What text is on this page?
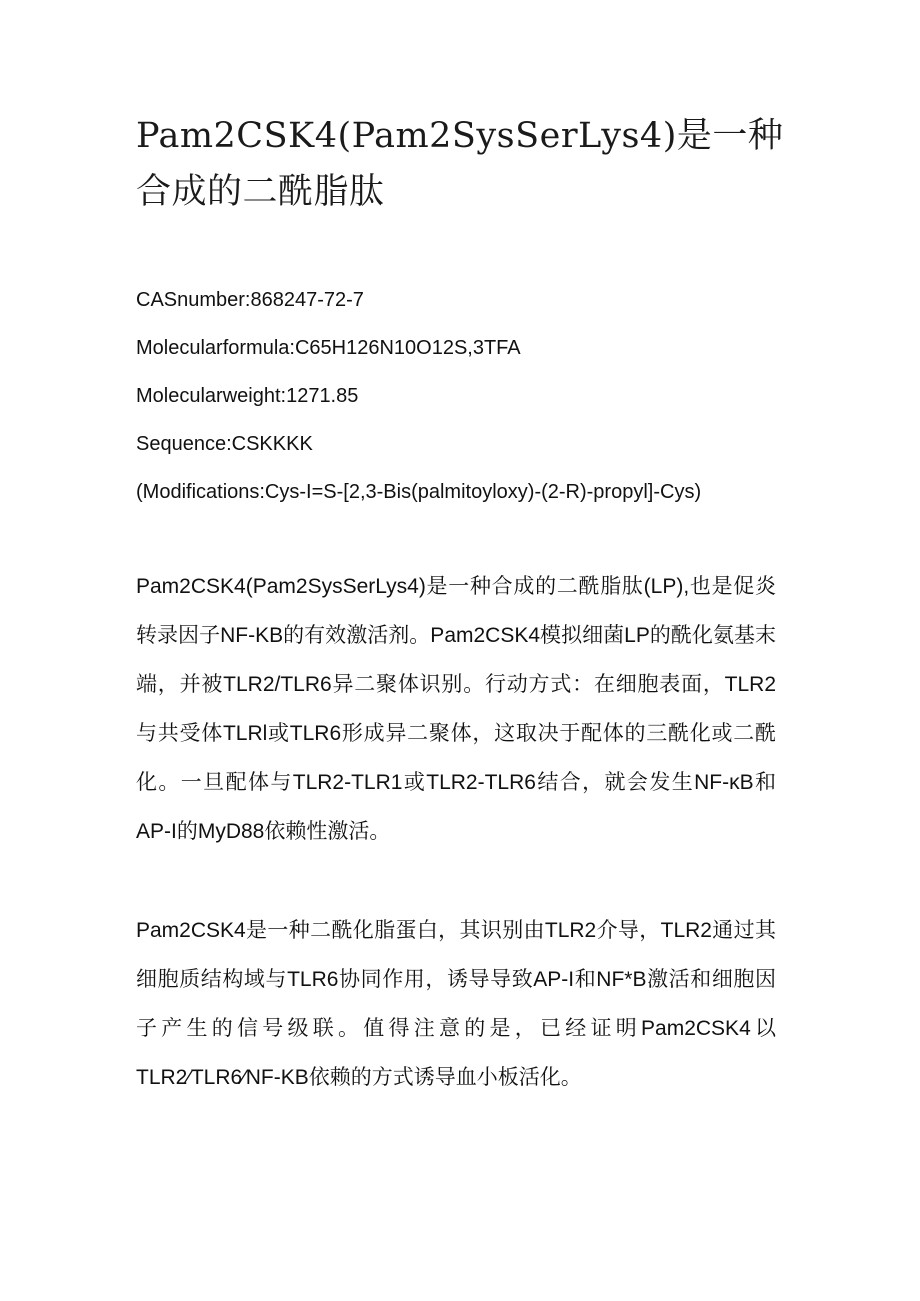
Pam2CSK4(Pam2SysSerLys4)是一种合成的二酰脂肽
CASnumber:868247-72-7
Molecularformula:C65H126N10O12S,3TFA
Molecularweight:1271.85
Sequence:CSKKKK
(Modifications:Cys-I=S-[2,3-Bis(palmitoyloxy)-(2-R)-propyl]-Cys)

Pam2CSK4(Pam2SysSerLys4)是一种合成的二酰脂肽(LP),也是促炎转录因子NF-KB的有效激活剂。Pam2CSK4模拟细菌LP的酰化氨基末端，并被TLR2/TLR6异二聚体识别。行动方式：在细胞表面，TLR2与共受体TLRl或TLR6形成异二聚体，这取决于配体的三酰化或二酰化。一旦配体与TLR2-TLR1或TLR2-TLR6结合，就会发生NF-κB和AP-I的MyD88依赖性激活。

Pam2CSK4是一种二酰化脂蛋白，其识别由TLR2介导，TLR2通过其细胞质结构域与TLR6协同作用，诱导导致AP-I和NF*B激活和细胞因子产生的信号级联。值得注意的是，已经证明Pam2CSK4以TLR2∕TLR6∕NF-KB依赖的方式诱导血小板活化。
